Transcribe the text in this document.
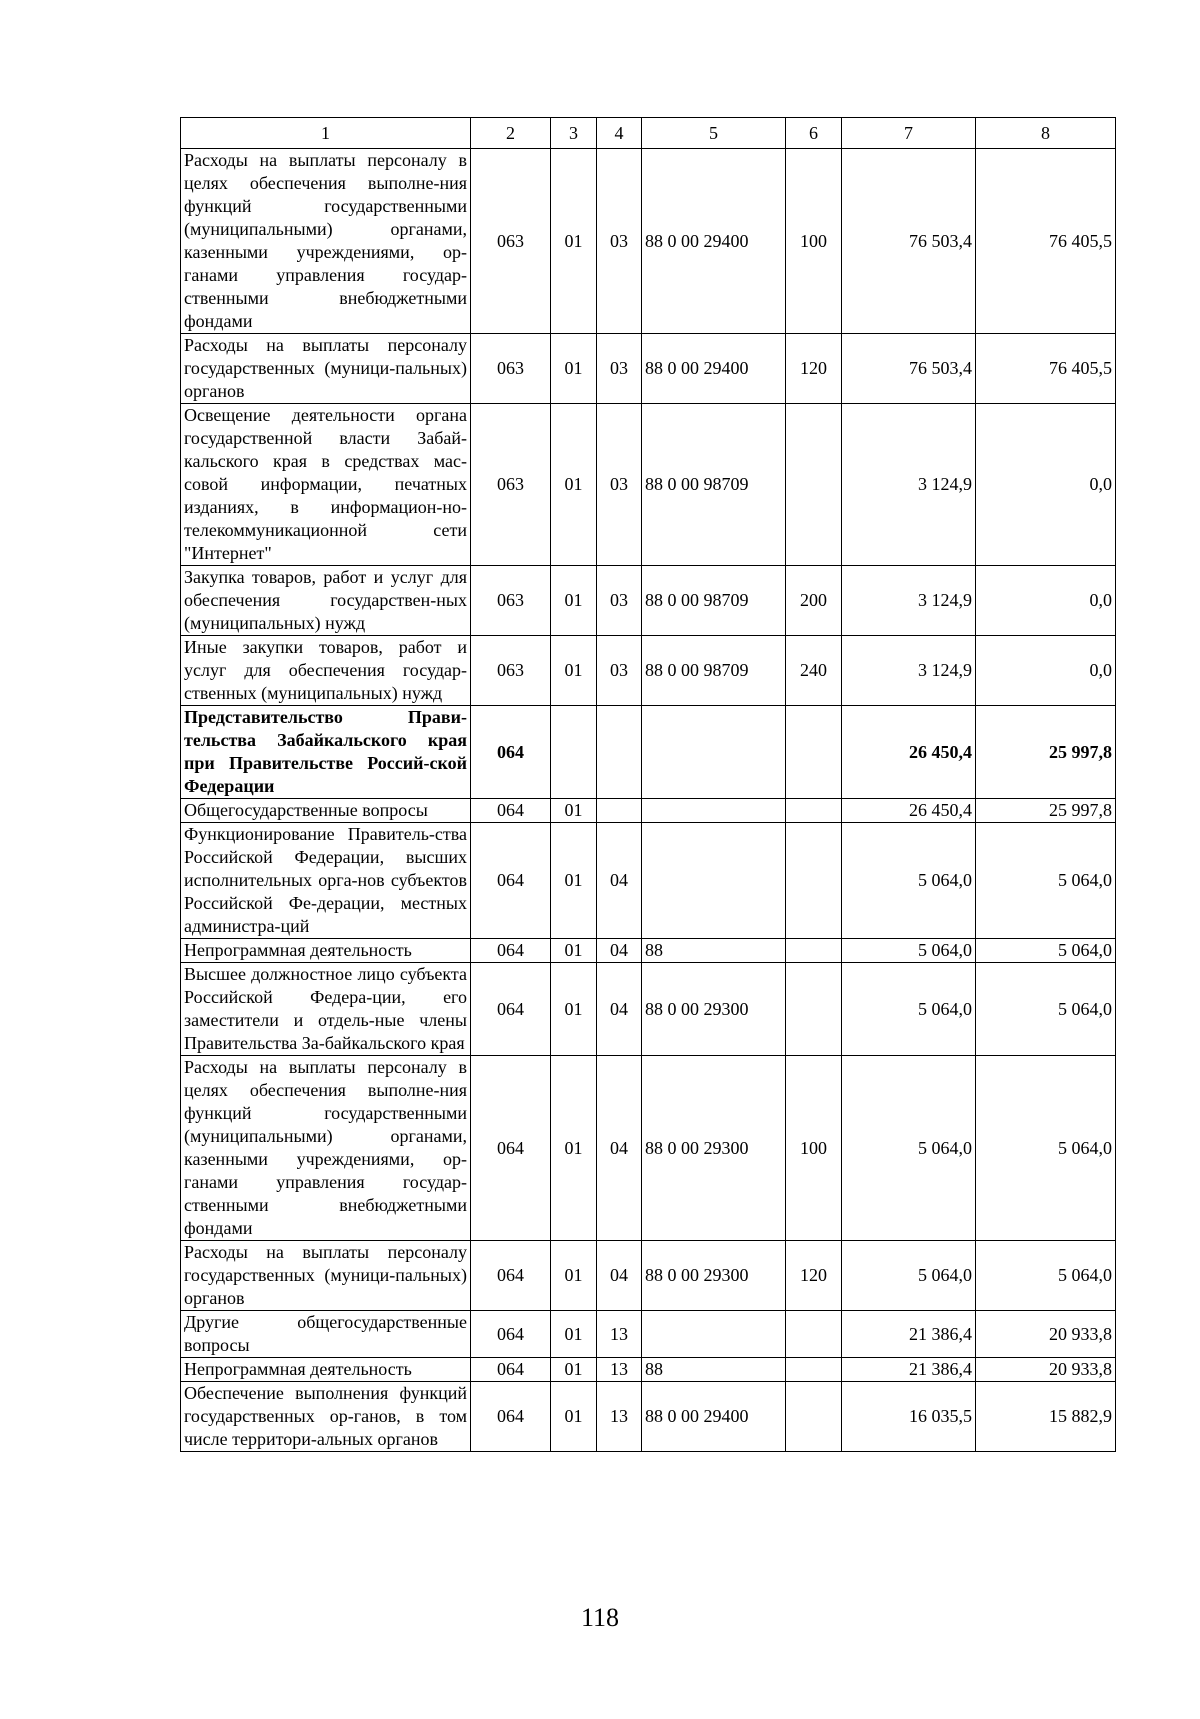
1	2	3	4	5	6	7	8
Расходы на выплаты персоналу в целях обеспечения выполне-ния функций государственными (муниципальными) органами, казенными учреждениями, ор-ганами управления государ-ственными внебюджетными фондами	063	01	03	88 0 00 29400	100	76 503,4	76 405,5
Расходы на выплаты персоналу государственных (муници-пальных) органов	063	01	03	88 0 00 29400	120	76 503,4	76 405,5
Освещение деятельности органа государственной власти Забай-кальского края в средствах мас-совой информации, печатных изданиях, в информацион-но-телекоммуникационной сети "Интернет"	063	01	03	88 0 00 98709		3 124,9	0,0
Закупка товаров, работ и услуг для обеспечения государствен-ных (муниципальных) нужд	063	01	03	88 0 00 98709	200	3 124,9	0,0
Иные закупки товаров, работ и услуг для обеспечения государ-ственных (муниципальных) нужд	063	01	03	88 0 00 98709	240	3 124,9	0,0
Представительство Прави-тельства Забайкальского края при Правительстве Россий-ской Федерации	064					26 450,4	25 997,8
Общегосударственные вопросы	064	01				26 450,4	25 997,8
Функционирование Правитель-ства Российской Федерации, высших исполнительных орга-нов субъектов Российской Фе-дерации, местных администра-ций	064	01	04			5 064,0	5 064,0
Непрограммная деятельность	064	01	04	88		5 064,0	5 064,0
Высшее должностное лицо субъекта Российской Федера-ции, его заместители и отдель-ные члены Правительства За-байкальского края	064	01	04	88 0 00 29300		5 064,0	5 064,0
Расходы на выплаты персоналу в целях обеспечения выполне-ния функций государственными (муниципальными) органами, казенными учреждениями, ор-ганами управления государ-ственными внебюджетными фондами	064	01	04	88 0 00 29300	100	5 064,0	5 064,0
Расходы на выплаты персоналу государственных (муници-пальных) органов	064	01	04	88 0 00 29300	120	5 064,0	5 064,0
Другие общегосударственные вопросы	064	01	13			21 386,4	20 933,8
Непрограммная деятельность	064	01	13	88		21 386,4	20 933,8
Обеспечение выполнения функций государственных ор-ганов, в том числе территори-альных органов	064	01	13	88 0 00 29400		16 035,5	15 882,9
118
